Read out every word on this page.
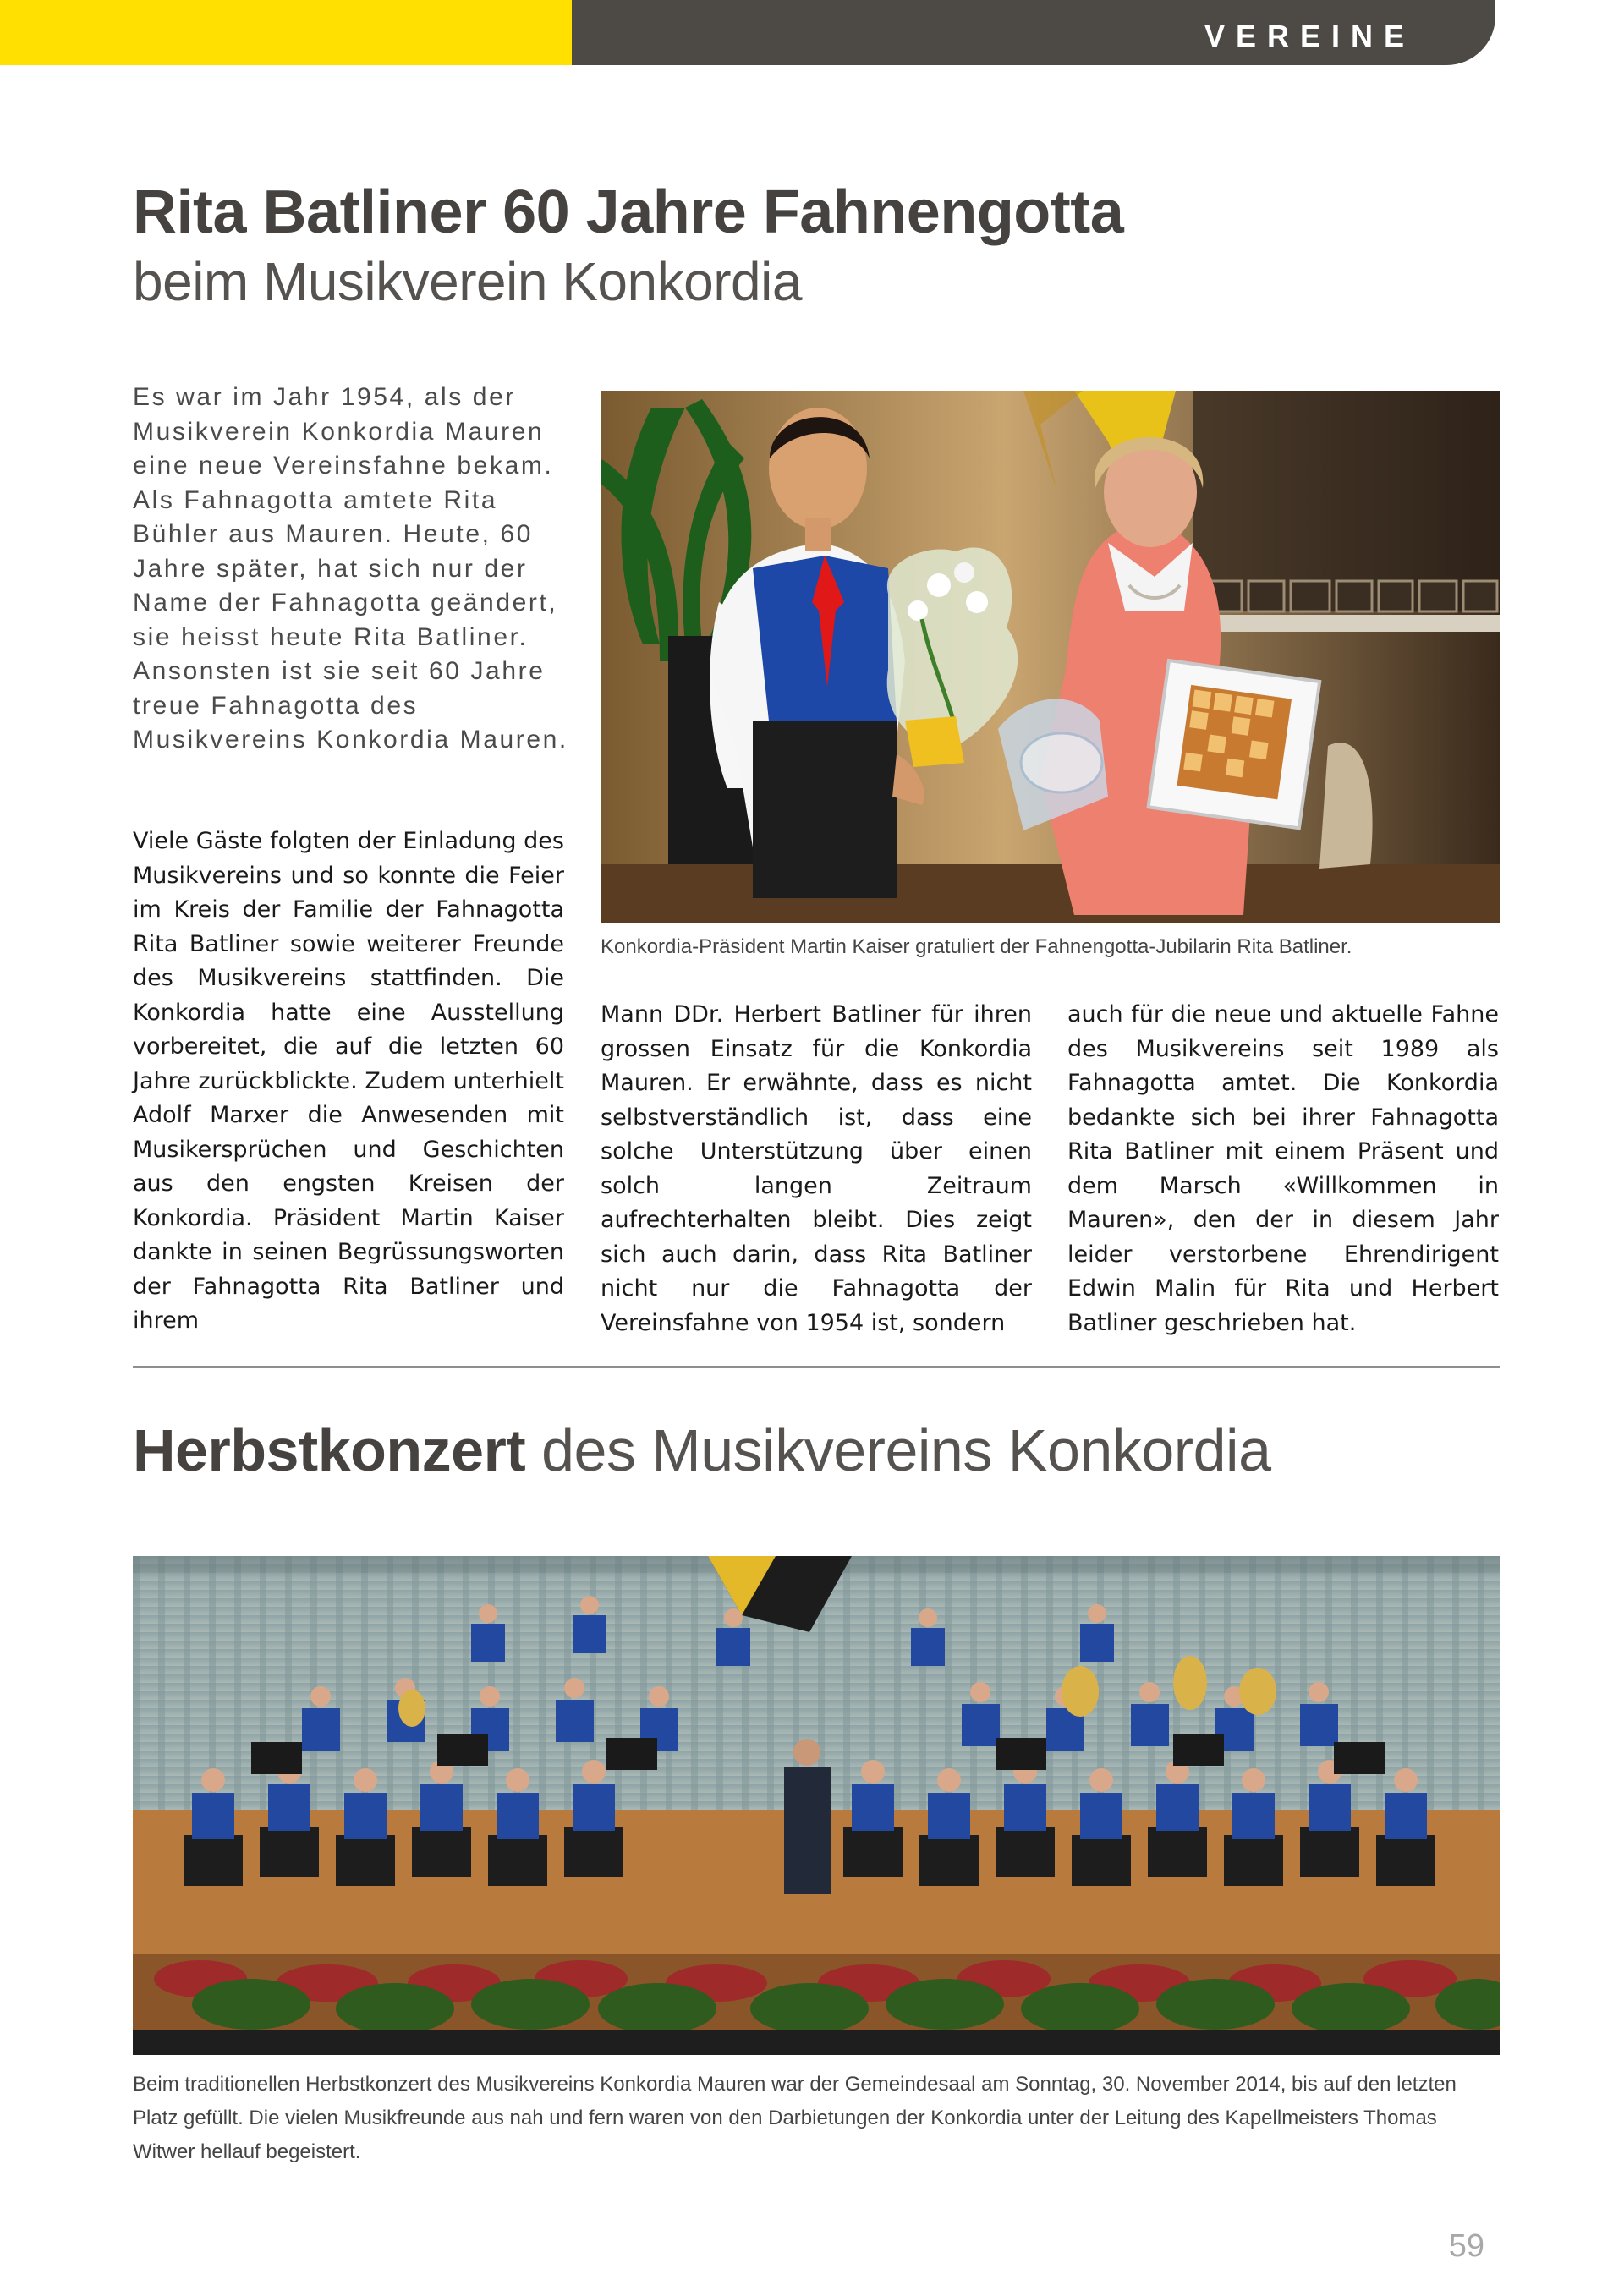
VEREINE
Rita Batliner 60 Jahre Fahnengotta
beim Musikverein Konkordia

Es war im Jahr 1954, als der Musikverein Konkordia Mauren eine neue Vereinsfahne bekam. Als Fahnagotta amtete Rita Bühler aus Mauren. Heute, 60 Jahre später, hat sich nur der Name der Fahnagotta geändert, sie heisst heute Rita Batliner. Ansonsten ist sie seit 60 Jahre treue Fahnagotta des Musikvereins Konkordia Mauren.

Konkordia-Präsident Martin Kaiser gratuliert der Fahnengotta-Jubilarin Rita Batliner.

Viele Gäste folgten der Einladung des Musikvereins und so konnte die Feier im Kreis der Familie der Fahnagotta Rita Batliner sowie weiterer Freunde des Musikvereins stattfinden. Die Konkordia hatte eine Ausstellung vorbereitet, die auf die letzten 60 Jahre zurückblickte. Zudem unterhielt Adolf Marxer die Anwesenden mit Musikersprüchen und Geschichten aus den engsten Kreisen der Konkordia. Präsident Martin Kaiser dankte in seinen Begrüssungsworten der Fahnagotta Rita Batliner und ihrem

Mann DDr. Herbert Batliner für ihren grossen Einsatz für die Konkordia Mauren. Er erwähnte, dass es nicht selbstverständlich ist, dass eine solche Unterstützung über einen solch langen Zeitraum aufrechterhalten bleibt. Dies zeigt sich auch darin, dass Rita Batliner nicht nur die Fahnagotta der Vereinsfahne von 1954 ist, sondern

auch für die neue und aktuelle Fahne des Musikvereins seit 1989 als Fahnagotta amtet. Die Konkordia bedankte sich bei ihrer Fahnagotta Rita Batliner mit einem Präsent und dem Marsch «Willkommen in Mauren», den der in diesem Jahr leider verstorbene Ehrendirigent Edwin Malin für Rita und Herbert Batliner geschrieben hat.

Herbstkonzert des Musikvereins Konkordia

Beim traditionellen Herbstkonzert des Musikvereins Konkordia Mauren war der Gemeindesaal am Sonntag, 30. November 2014, bis auf den letzten Platz gefüllt. Die vielen Musikfreunde aus nah und fern waren von den Darbietungen der Konkordia unter der Leitung des Kapellmeisters Thomas Witwer hellauf begeistert.

59
